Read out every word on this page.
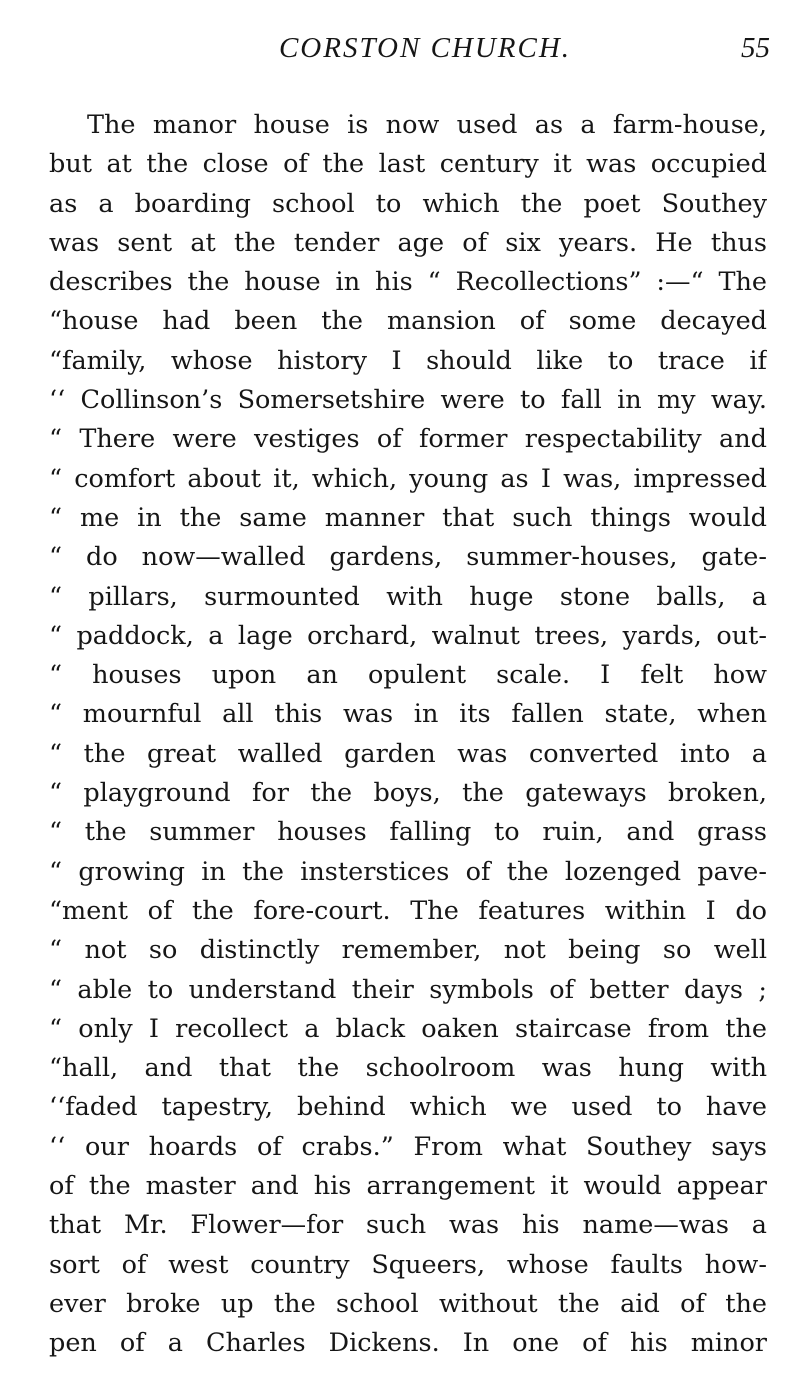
CORSTON CHURCH.	55
The manor house is now used as a farm-house,
but at the close of the last century it was occupied
as a boarding school to which the poet Southey
was sent at the tender age of six years. He thus
describes the house in his “ Recollections” :—“ The
“house had been the mansion of some decayed
“family, whose history I should like to trace if
‘‘ Collinson’s Somersetshire were to fall in my way.
“ There were vestiges of former respectability and
“ comfort about it, which, young as I was, impressed
“ me in the same manner that such things would
“ do now—walled gardens, summer-houses, gate-
“ pillars, surmounted with huge stone balls, a
“ paddock, a lage orchard, walnut trees, yards, out-
“ houses upon an opulent scale. I felt how
“ mournful all this was in its fallen state, when
“ the great walled garden was converted into a
“ playground for the boys, the gateways broken,
“ the summer houses falling to ruin, and grass
“ growing in the insterstices of the lozenged pave-
“ment of the fore-court. The features within I do
“ not so distinctly remember, not being so well
“ able to understand their symbols of better days ;
“ only I recollect a black oaken staircase from the
“hall, and that the schoolroom was hung with
‘‘faded tapestry, behind which we used to have
‘‘ our hoards of crabs.” From what Southey says
of the master and his arrangement it would appear
that Mr. Flower—for such was his name—was a
sort of west country Squeers, whose faults how-
ever broke up the school without the aid of the
pen of a Charles Dickens. In one of his minor
